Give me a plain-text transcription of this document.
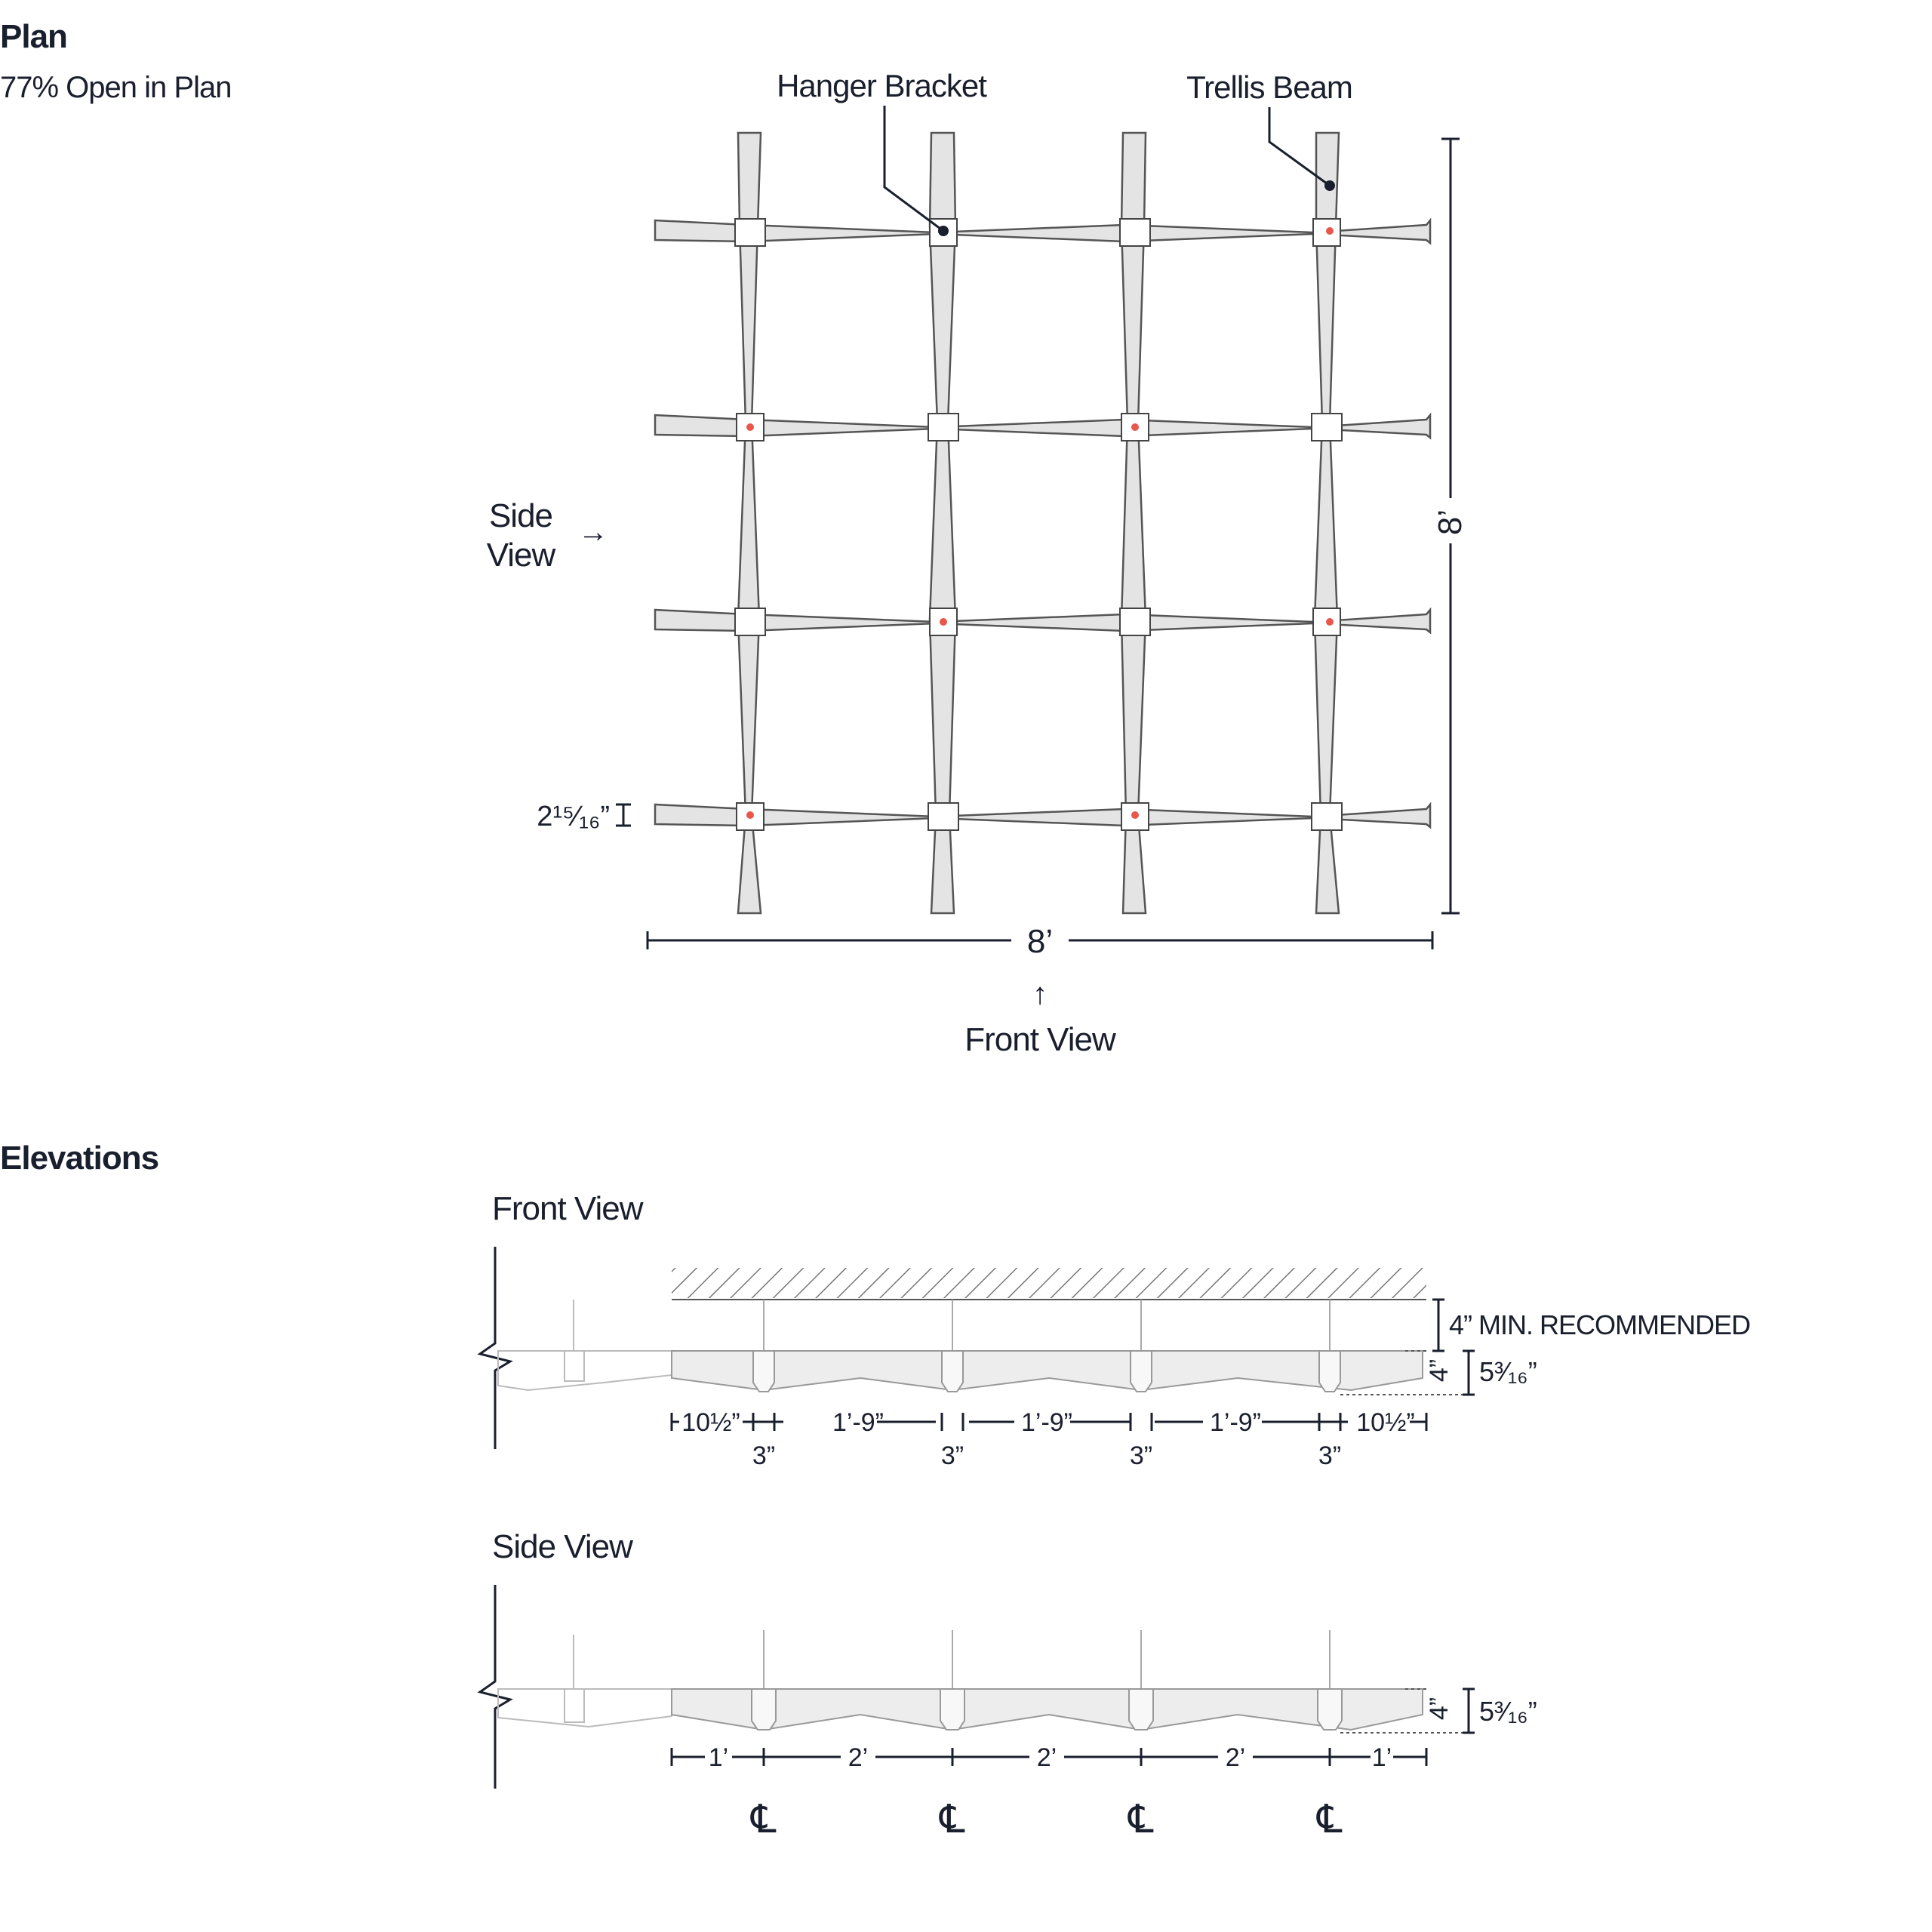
Plan
77% Open in Plan
Elevations
Hanger Bracket	Trellis Beam
8’
8’
↑
Front View
Side
View
→
2¹⁵⁄₁₆”
Front View
4” MIN. RECOMMENDED
4” 5³⁄₁₆”
10½”	1’-9”	1’-9”	1’-9”	10½”
3”	3”	3”	3”
Side View
4” 5³⁄₁₆”
1’	2’	2’	2’	1’
℄	℄	℄	℄
